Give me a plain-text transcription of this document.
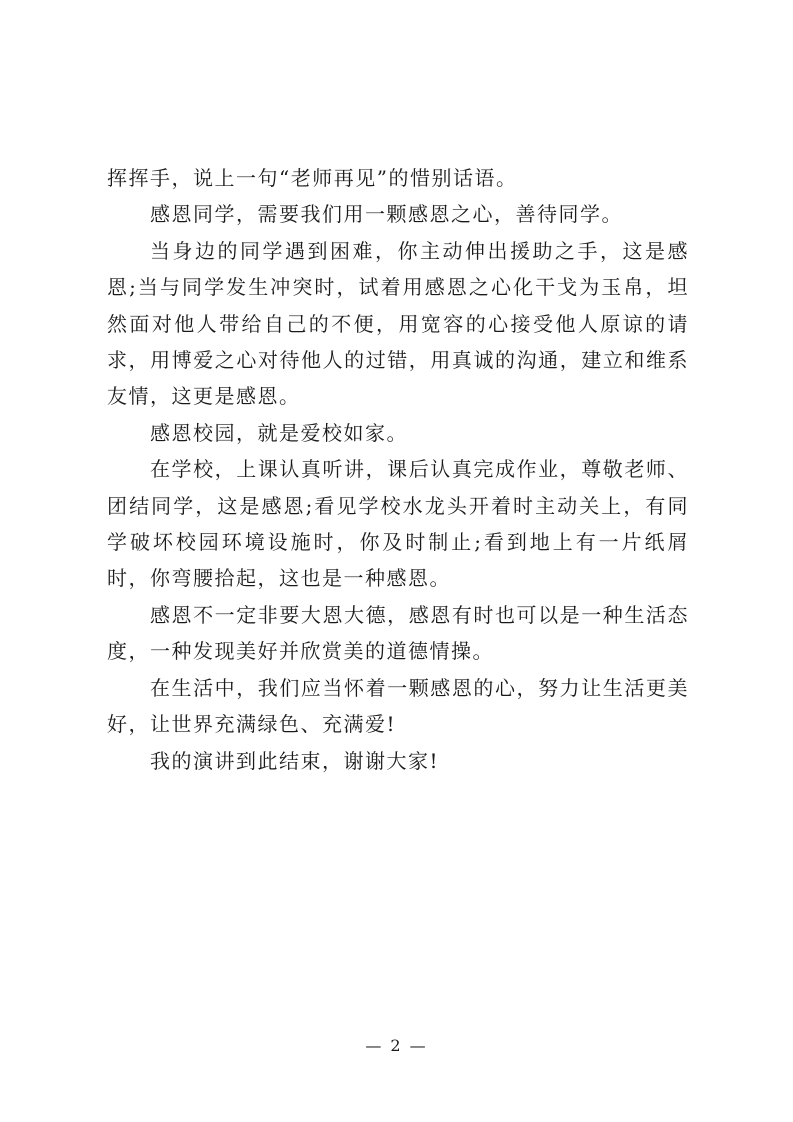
挥挥手，说上一句“老师再见”的惜别话语。

感恩同学，需要我们用一颗感恩之心，善待同学。

当身边的同学遇到困难，你主动伸出援助之手，这是感恩;当与同学发生冲突时，试着用感恩之心化干戈为玉帛，坦然面对他人带给自己的不便，用宽容的心接受他人原谅的请求，用博爱之心对待他人的过错，用真诚的沟通，建立和维系友情，这更是感恩。

感恩校园，就是爱校如家。

在学校，上课认真听讲，课后认真完成作业，尊敬老师、团结同学，这是感恩;看见学校水龙头开着时主动关上，有同学破坏校园环境设施时，你及时制止;看到地上有一片纸屑时，你弯腰拾起，这也是一种感恩。

感恩不一定非要大恩大德，感恩有时也可以是一种生活态度，一种发现美好并欣赏美的道德情操。

在生活中，我们应当怀着一颗感恩的心，努力让生活更美好，让世界充满绿色、充满爱!

我的演讲到此结束，谢谢大家!

— 2 —
